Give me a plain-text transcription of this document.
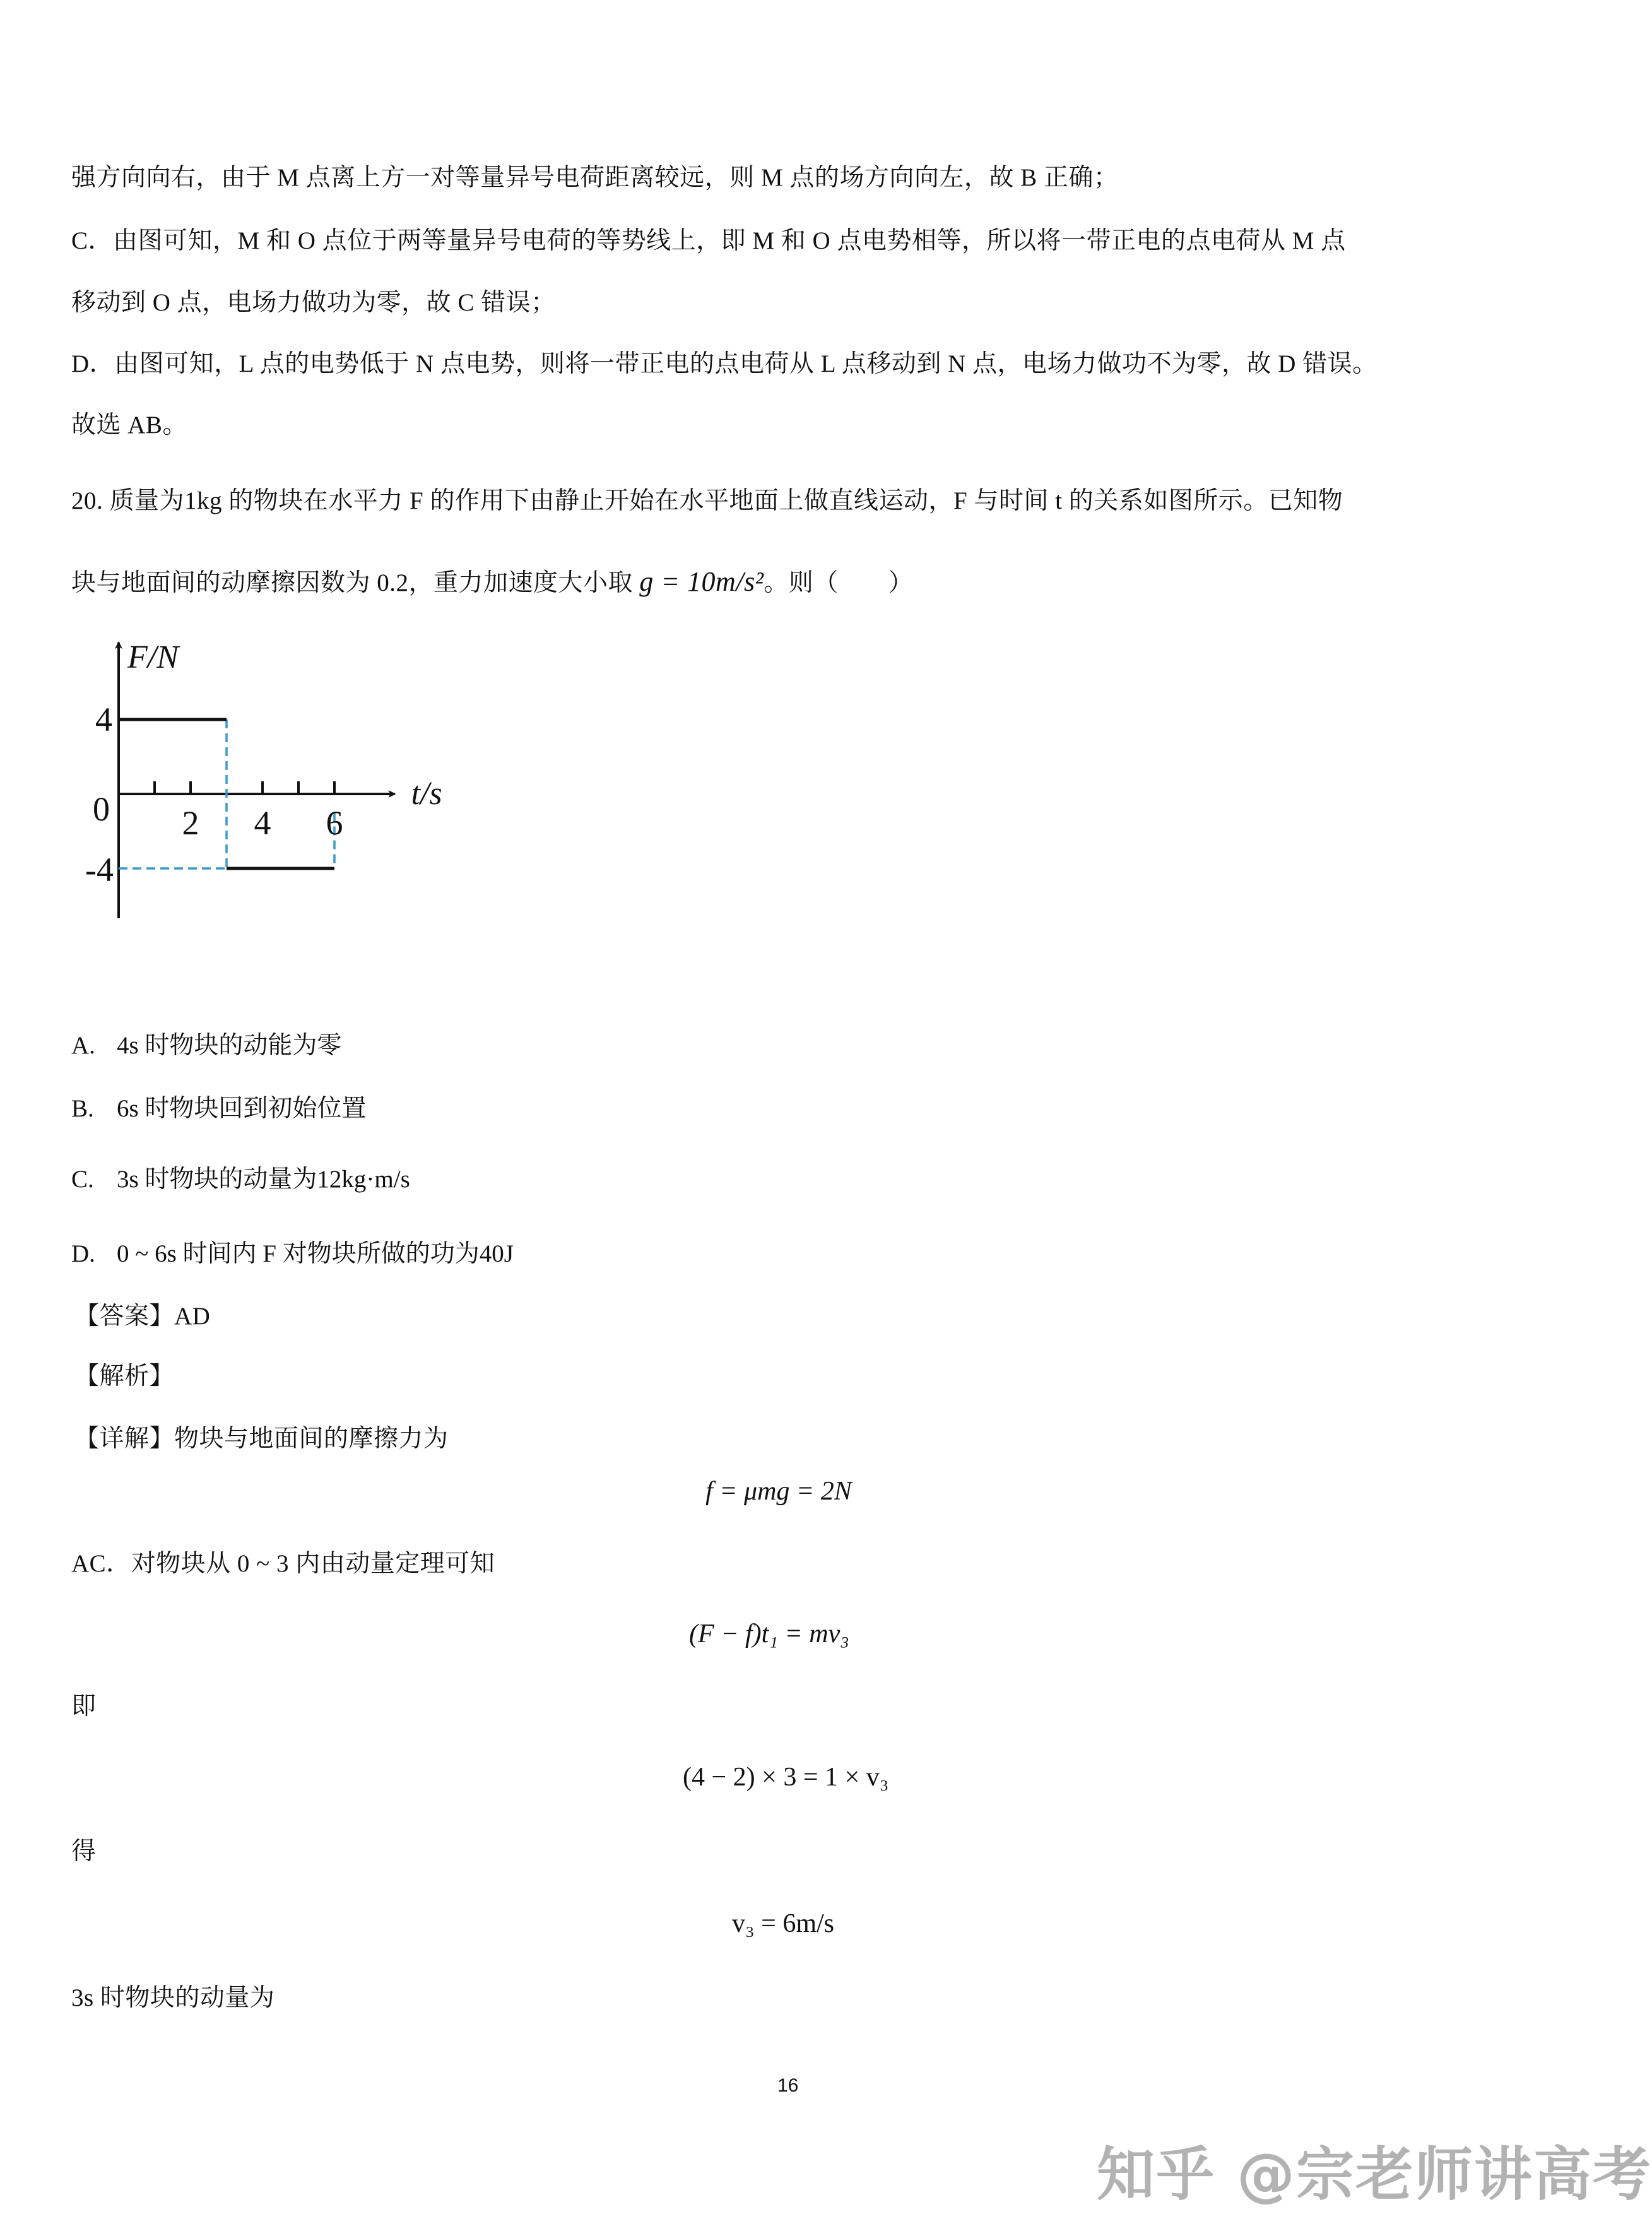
强方向向右，由于 M 点离上方一对等量异号电荷距离较远，则 M 点的场方向向左，故 B 正确；
C．由图可知，M 和 O 点位于两等量异号电荷的等势线上，即 M 和 O 点电势相等，所以将一带正电的点电荷从 M 点
移动到 O 点，电场力做功为零，故 C 错误；
D．由图可知，L 点的电势低于 N 点电势，则将一带正电的点电荷从 L 点移动到 N 点，电场力做功不为零，故 D 错误。
故选 AB。
20. 质量为1kg 的物块在水平力 F 的作用下由静止开始在水平地面上做直线运动，F 与时间 t 的关系如图所示。已知物
块与地面间的动摩擦因数为 0.2，重力加速度大小取 g = 10m/s²。则（　　）
F/N
t/s
0
4
-4
2 4 6
A. 4s 时物块的动能为零
B. 6s 时物块回到初始位置
C. 3s 时物块的动量为12kg·m/s
D. 0 ~ 6s 时间内 F 对物块所做的功为40J
【答案】AD
【解析】
【详解】物块与地面间的摩擦力为
f = μmg = 2N
AC．对物块从 0 ~ 3 内由动量定理可知
(F − f)t₁ = mv₃
即
(4 − 2) × 3 = 1 × v₃
得
v₃ = 6m/s
3s 时物块的动量为
16
知乎 @宗老师讲高考
